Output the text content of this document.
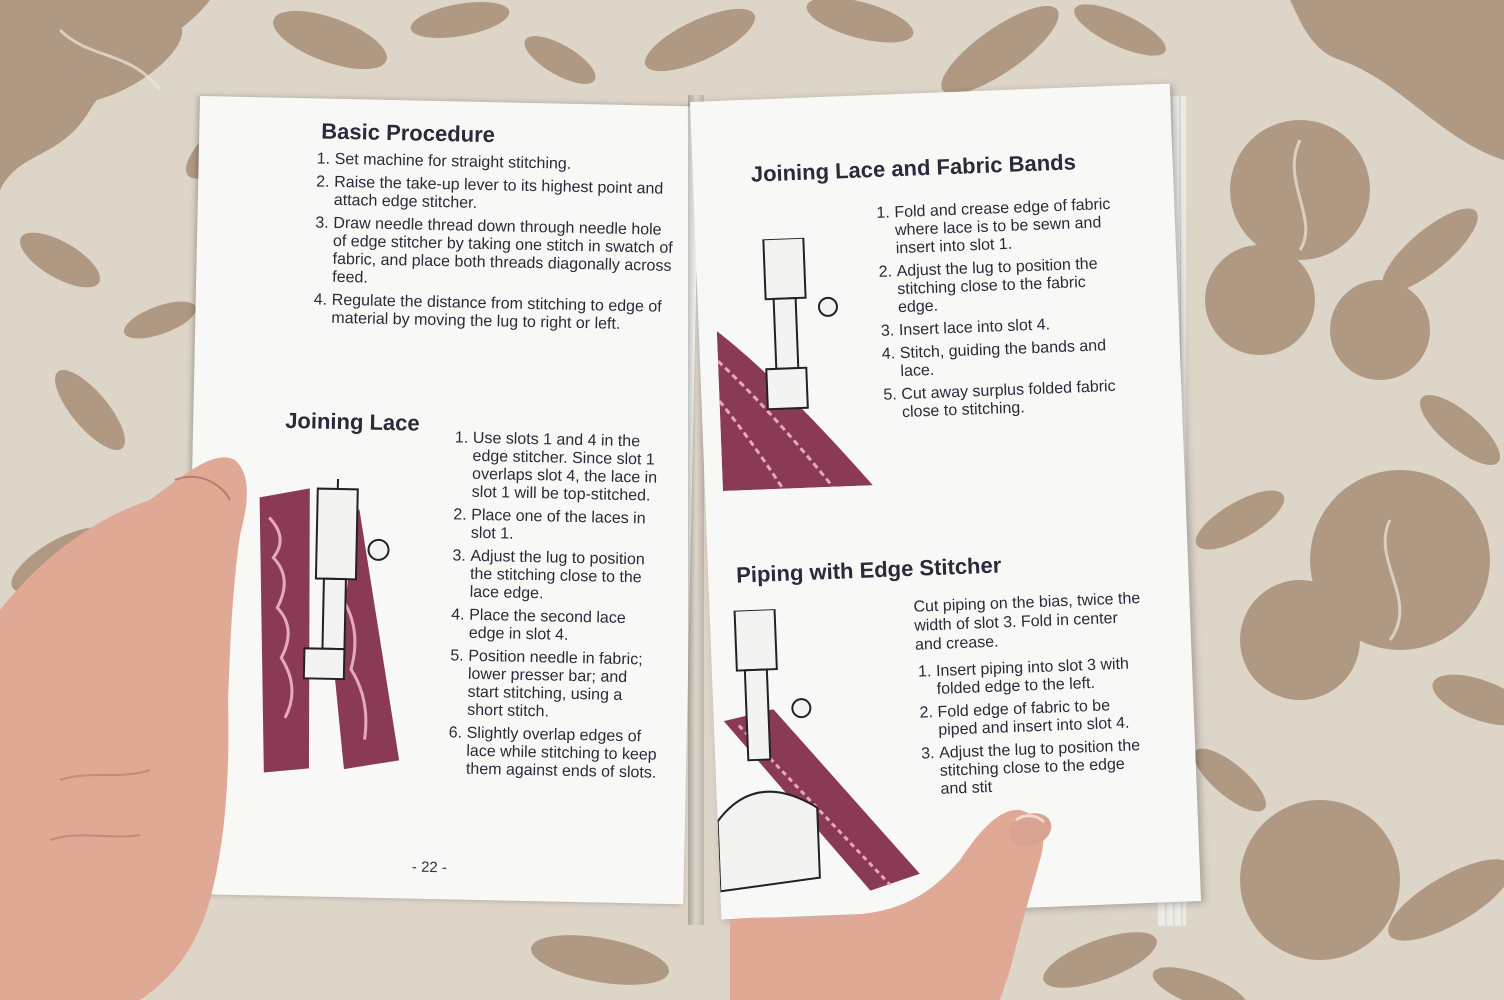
Basic Procedure
1. Set machine for straight stitching.
2. Raise the take-up lever to its highest point and attach edge stitcher.
3. Draw needle thread down through needle hole of edge stitcher by taking one stitch in swatch of fabric, and place both threads diagonally across feed.
4. Regulate the distance from stitching to edge of material by moving the lug to right or left.
Joining Lace
1. Use slots 1 and 4 in the edge stitcher. Since slot 1 overlaps slot 4, the lace in slot 1 will be top-stitched.
2. Place one of the laces in slot 1.
3. Adjust the lug to position the stitching close to the lace edge.
4. Place the second lace edge in slot 4.
5. Position needle in fabric; lower presser bar; and start stitching, using a short stitch.
6. Slightly overlap edges of lace while stitching to keep them against ends of slots.
- 22 -
Joining Lace and Fabric Bands
1. Fold and crease edge of fabric where lace is to be sewn and insert into slot 1.
2. Adjust the lug to position the stitching close to the fabric edge.
3. Insert lace into slot 4.
4. Stitch, guiding the bands and lace.
5. Cut away surplus folded fabric close to stitching.
Piping with Edge Stitcher

Cut piping on the bias, twice the width of slot 3. Fold in center and crease.

1. Insert piping into slot 3 with folded edge to the left.
2. Fold edge of fabric to be piped and insert into slot 4.
3. Adjust the lug to position the stitching close to the edge and stit
